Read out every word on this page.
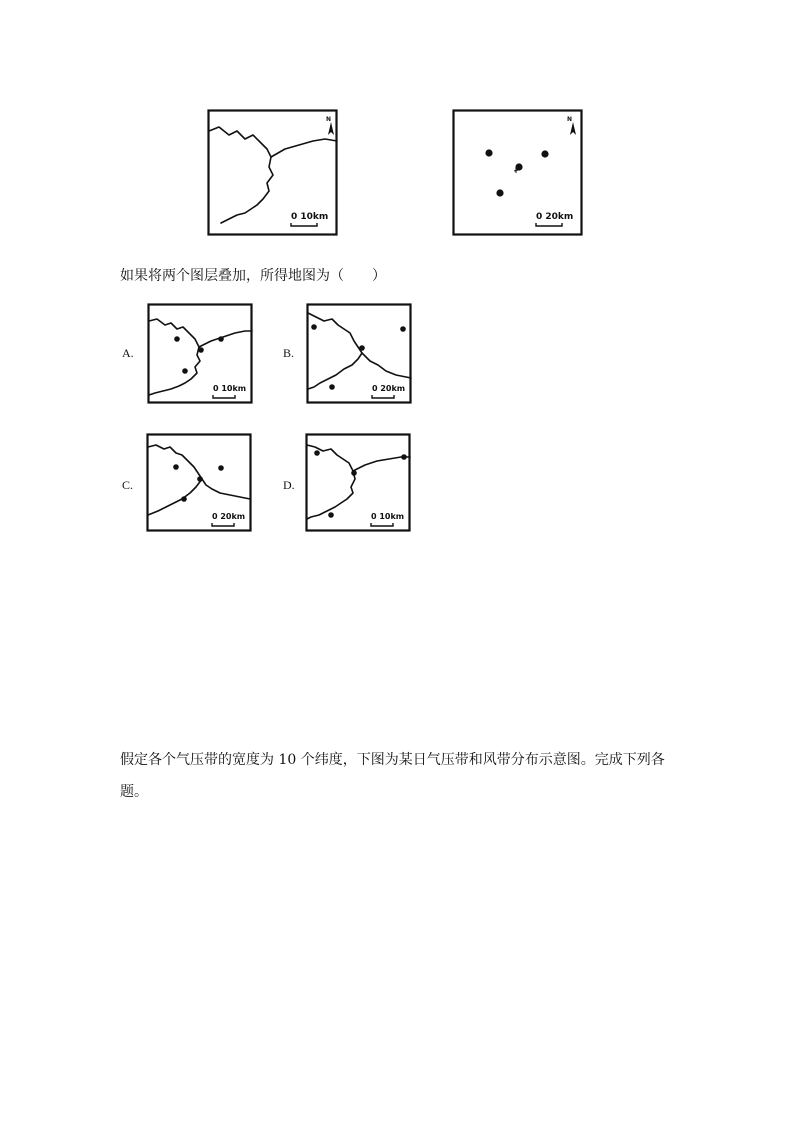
N
0 10km
N
0 20km
如果将两个图层叠加，所得地图为（　　）
A.
0 10km
B.
0 20km
C.
0 20km
D.
0 10km
假定各个气压带的宽度为 10 个纬度，下图为某日气压带和风带分布示意图。完成下列各题。
